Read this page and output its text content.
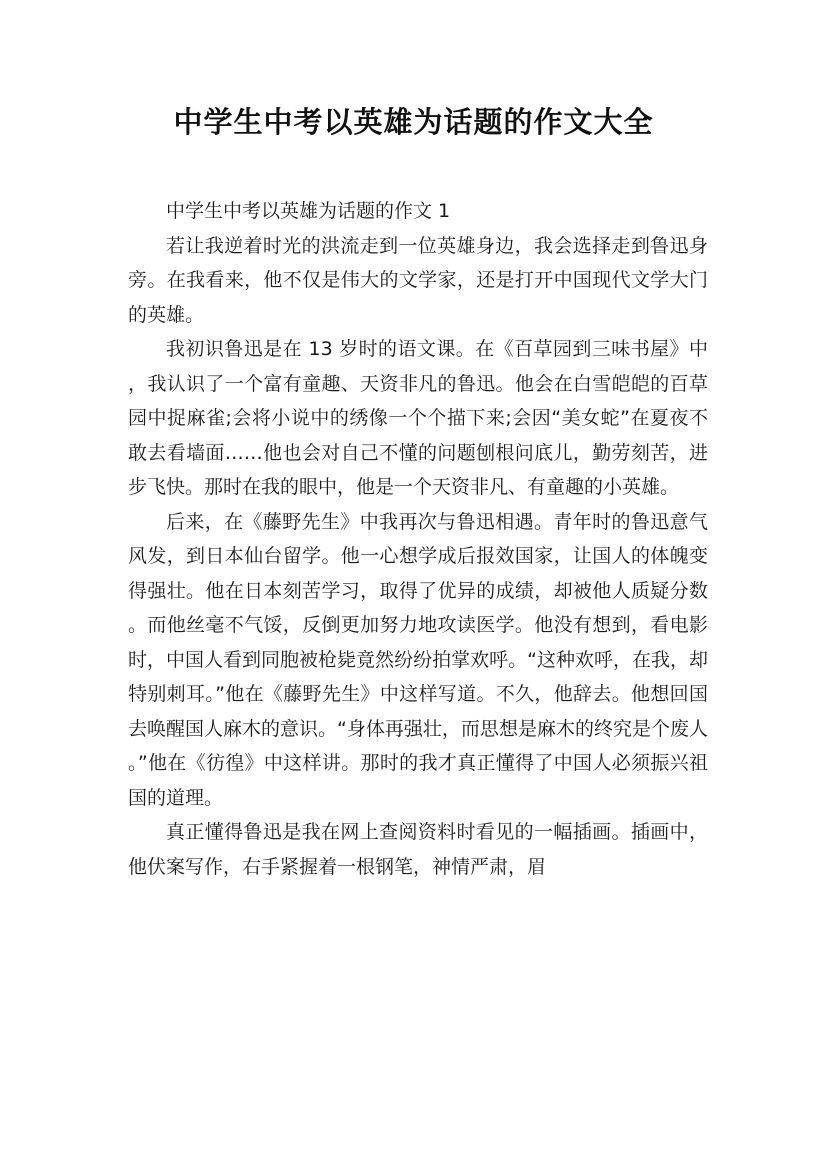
中学生中考以英雄为话题的作文大全

中学生中考以英雄为话题的作文 1

若让我逆着时光的洪流走到一位英雄身边，我会选择走到鲁迅身旁。在我看来，他不仅是伟大的文学家，还是打开中国现代文学大门的英雄。

我初识鲁迅是在 13 岁时的语文课。在《百草园到三味书屋》中，我认识了一个富有童趣、天资非凡的鲁迅。他会在白雪皑皑的百草园中捉麻雀;会将小说中的绣像一个个描下来;会因“美女蛇”在夏夜不敢去看墙面……他也会对自己不懂的问题刨根问底儿，勤劳刻苦，进步飞快。那时在我的眼中，他是一个天资非凡、有童趣的小英雄。

后来，在《藤野先生》中我再次与鲁迅相遇。青年时的鲁迅意气风发，到日本仙台留学。他一心想学成后报效国家，让国人的体魄变得强壮。他在日本刻苦学习，取得了优异的成绩，却被他人质疑分数。而他丝毫不气馁，反倒更加努力地攻读医学。他没有想到，看电影时，中国人看到同胞被枪毙竟然纷纷拍掌欢呼。“这种欢呼，在我，却特别刺耳。”他在《藤野先生》中这样写道。不久，他辞去。他想回国去唤醒国人麻木的意识。“身体再强壮，而思想是麻木的终究是个废人。”他在《彷徨》中这样讲。那时的我才真正懂得了中国人必须振兴祖国的道理。

真正懂得鲁迅是我在网上查阅资料时看见的一幅插画。插画中，他伏案写作，右手紧握着一根钢笔，神情严肃，眉
